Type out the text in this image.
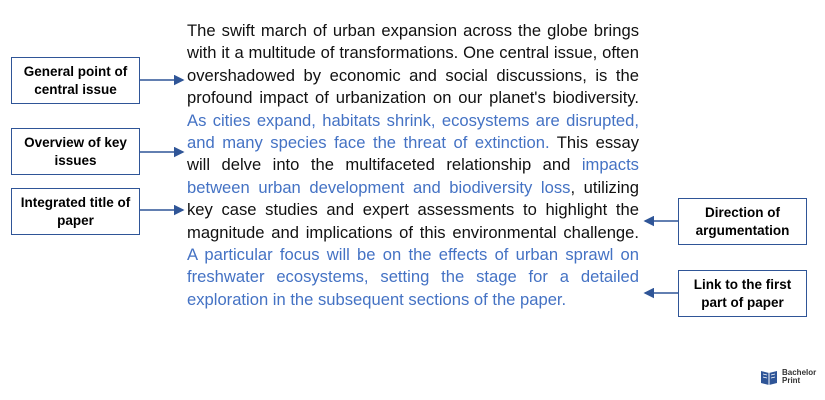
The swift march of urban expansion across the globe brings with it a multitude of transformations. One central issue, often overshadowed by economic and social discussions, is the profound impact of urbanization on our planet's biodiversity. As cities expand, habitats shrink, ecosystems are disrupted, and many species face the threat of extinction. This essay will delve into the multifaceted relationship and impacts between urban development and biodiversity loss, utilizing key case studies and expert assessments to highlight the magnitude and implications of this environmental challenge. A particular focus will be on the effects of urban sprawl on freshwater ecosystems, setting the stage for a detailed exploration in the subsequent sections of the paper.

General point of central issue
Overview of key issues
Integrated title of paper
Direction of argumentation
Link to the first part of paper
Bachelor
Print
